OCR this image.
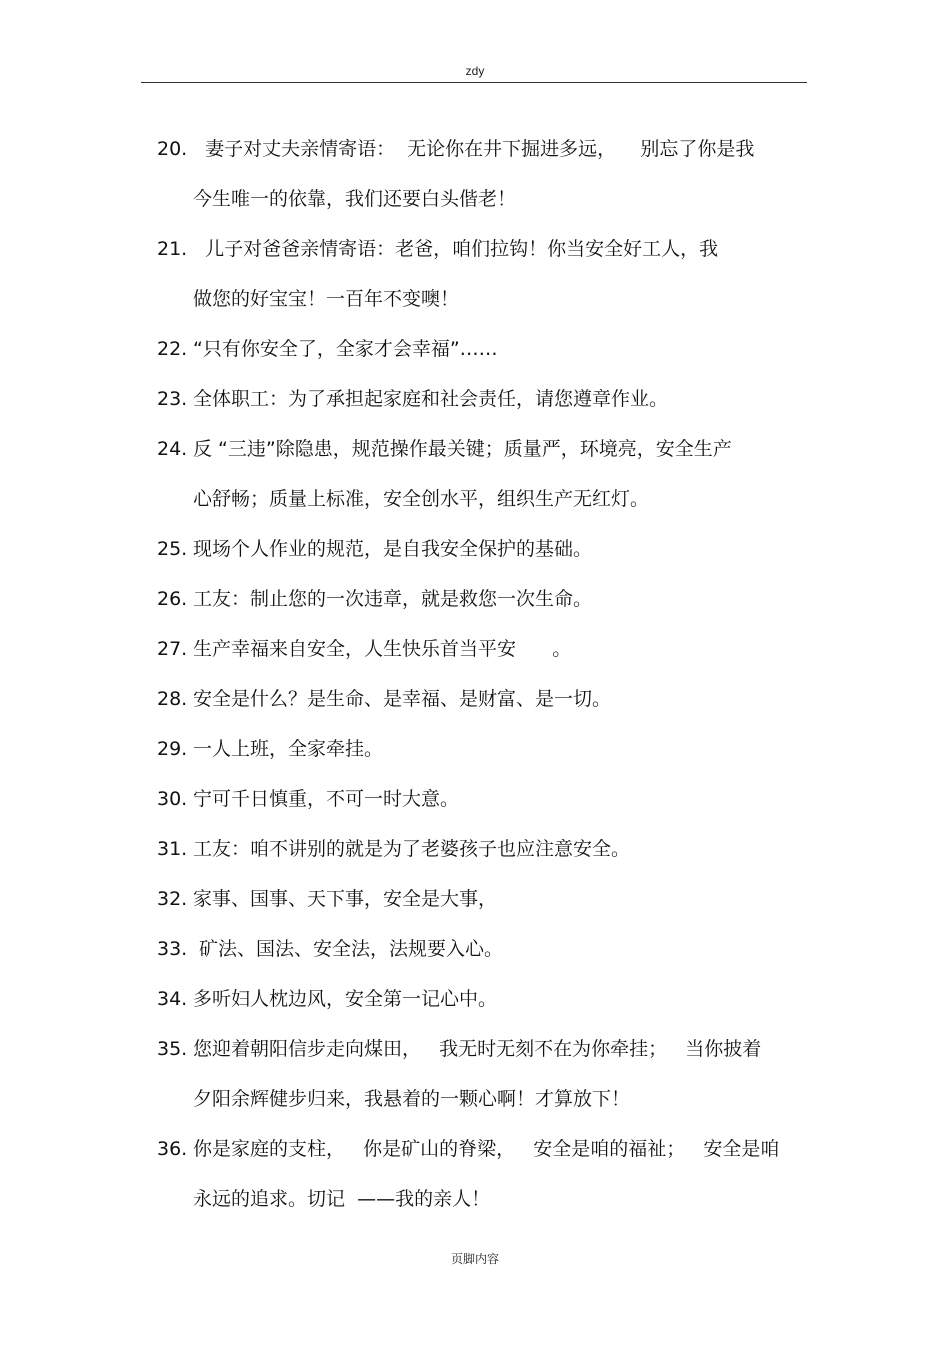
zdy
20. 妻子对丈夫亲情寄语：  无论你在井下掘进多远，    别忘了你是我
今生唯一的依靠，我们还要白头偕老！
21. 儿子对爸爸亲情寄语：老爸，咱们拉钩！你当安全好工人，我
做您的好宝宝！一百年不变噢！
22. “只有你安全了，全家才会幸福”……
23. 全体职工：为了承担起家庭和社会责任，请您遵章作业。
24. 反 “三违”除隐患，规范操作最关键；质量严，环境亮，安全生产
心舒畅；质量上标准，安全创水平，组织生产无红灯。
25. 现场个人作业的规范，是自我安全保护的基础。
26. 工友：制止您的一次违章，就是救您一次生命。
27. 生产幸福来自安全，人生快乐首当平安      。
28. 安全是什么？是生命、是幸福、是财富、是一切。
29. 一人上班，全家牵挂。
30. 宁可千日慎重，不可一时大意。
31. 工友：咱不讲别的就是为了老婆孩子也应注意安全。
32. 家事、国事、天下事，安全是大事，
33. 矿法、国法、安全法，法规要入心。
34. 多听妇人枕边风，安全第一记心中。
35. 您迎着朝阳信步走向煤田，   我无时无刻不在为你牵挂；   当你披着
夕阳余辉健步归来，我悬着的一颗心啊！才算放下！
36. 你是家庭的支柱，   你是矿山的脊梁，   安全是咱的福祉；   安全是咱
永远的追求。切记  ——我的亲人！
页脚内容
